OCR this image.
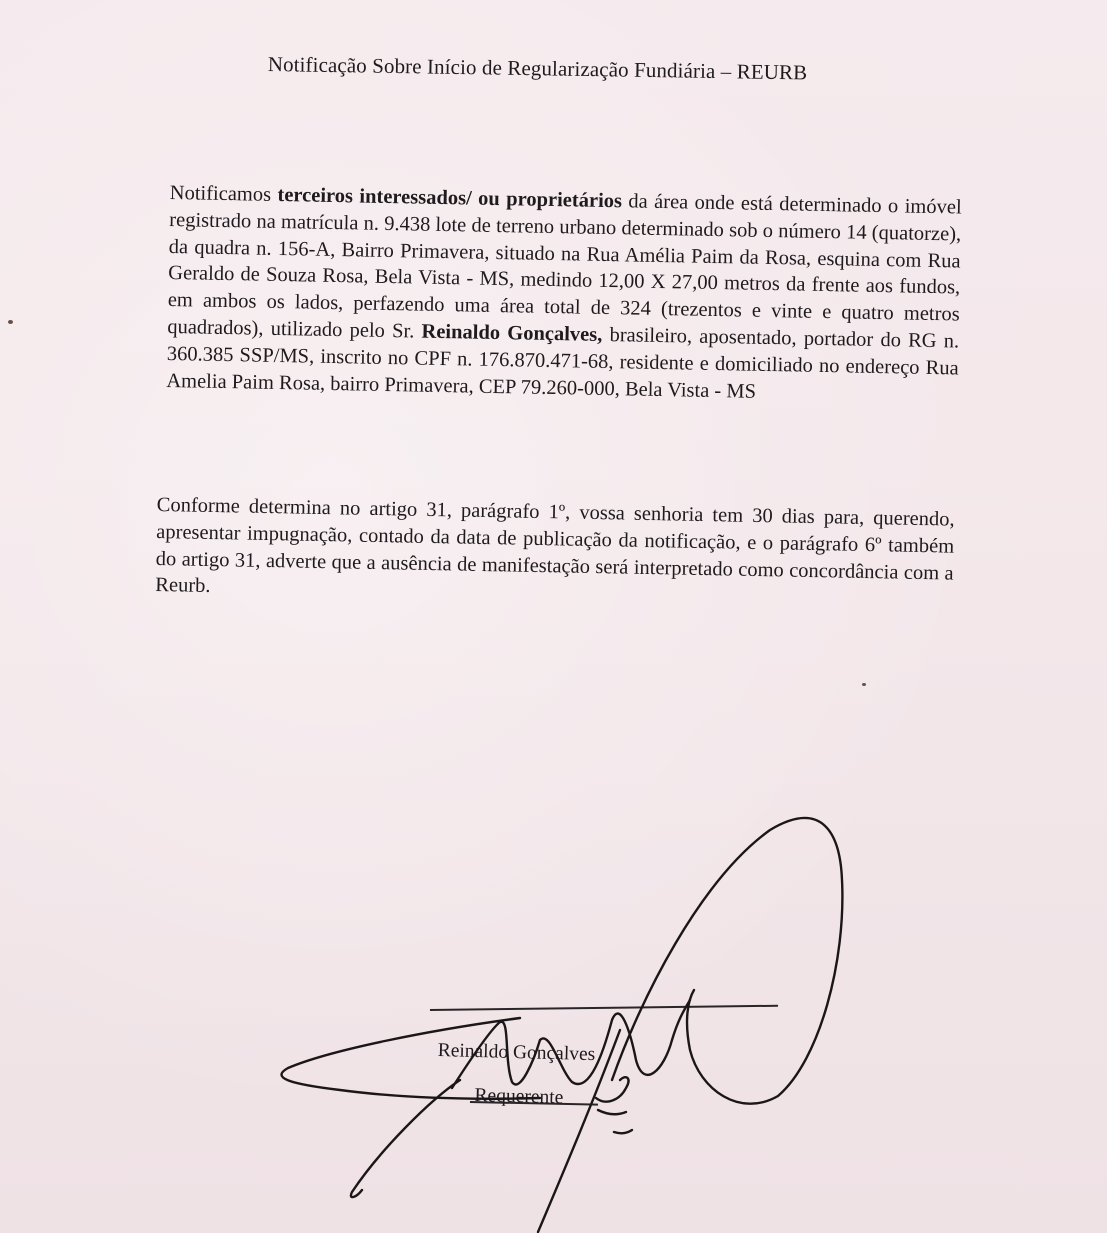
Notificação Sobre Início de Regularização Fundiária – REURB

Notificamos terceiros interessados/ ou proprietários da área onde está determinado o imóvel registrado na matrícula n. 9.438 lote de terreno urbano determinado sob o número 14 (quatorze), da quadra n. 156-A, Bairro Primavera, situado na Rua Amélia Paim da Rosa, esquina com Rua Geraldo de Souza Rosa, Bela Vista - MS, medindo 12,00 X 27,00 metros da frente aos fundos, em ambos os lados, perfazendo uma área total de 324 (trezentos e vinte e quatro metros quadrados), utilizado pelo Sr. Reinaldo Gonçalves, brasileiro, aposentado, portador do RG n. 360.385 SSP/MS, inscrito no CPF n. 176.870.471-68, residente e domiciliado no endereço Rua Amelia Paim Rosa, bairro Primavera, CEP 79.260-000, Bela Vista - MS

Conforme determina no artigo 31, parágrafo 1º, vossa senhoria tem 30 dias para, querendo, apresentar impugnação, contado da data de publicação da notificação, e o parágrafo 6º também do artigo 31, adverte que a ausência de manifestação será interpretado como concordância com a Reurb.

Reinaldo Gonçalves
Requerente
